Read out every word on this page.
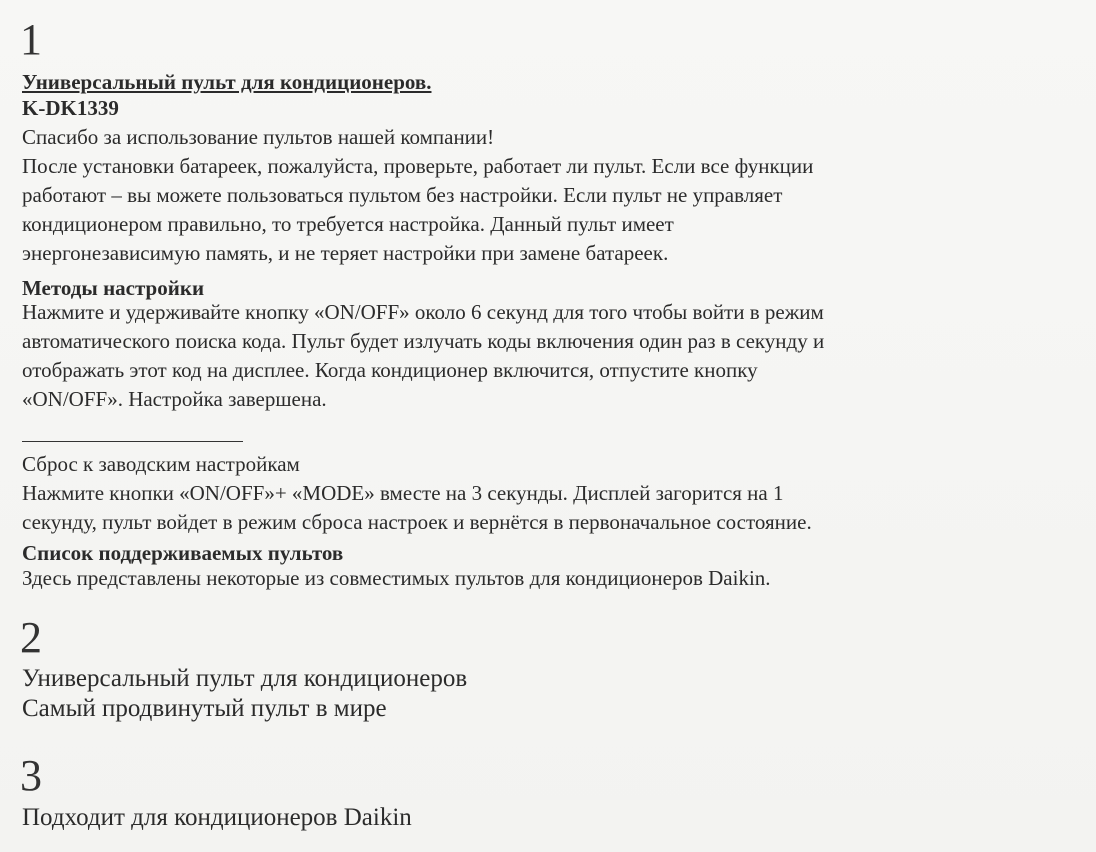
1
Универсальный пульт для кондиционеров.
K-DK1339

Спасибо за использование пультов нашей компании!

После установки батареек, пожалуйста, проверьте, работает ли пульт. Если все функции

работают – вы можете пользоваться пультом без настройки. Если пульт не управляет

кондиционером правильно, то требуется настройка. Данный пульт имеет

энергонезависимую память, и не теряет настройки при замене батареек.

Методы настройки

Нажмите и удерживайте кнопку «ON/OFF» около 6 секунд для того чтобы войти в режим

автоматического поиска кода. Пульт будет излучать коды включения один раз в секунду и

отображать этот код на дисплее. Когда кондиционер включится, отпустите кнопку

«ON/OFF». Настройка завершена.

Сброс к заводским настройкам

Нажмите кнопки «ON/OFF»+ «MODE» вместе на 3 секунды. Дисплей загорится на 1

секунду, пульт войдет в режим сброса настроек и вернётся в первоначальное состояние.

Список поддерживаемых пультов
Здесь представлены некоторые из совместимых пультов для кондиционеров Daikin.
2

Универсальный пульт для кондиционеров

Самый продвинутый пульт в мире

3
Подходит для кондиционеров Daikin
